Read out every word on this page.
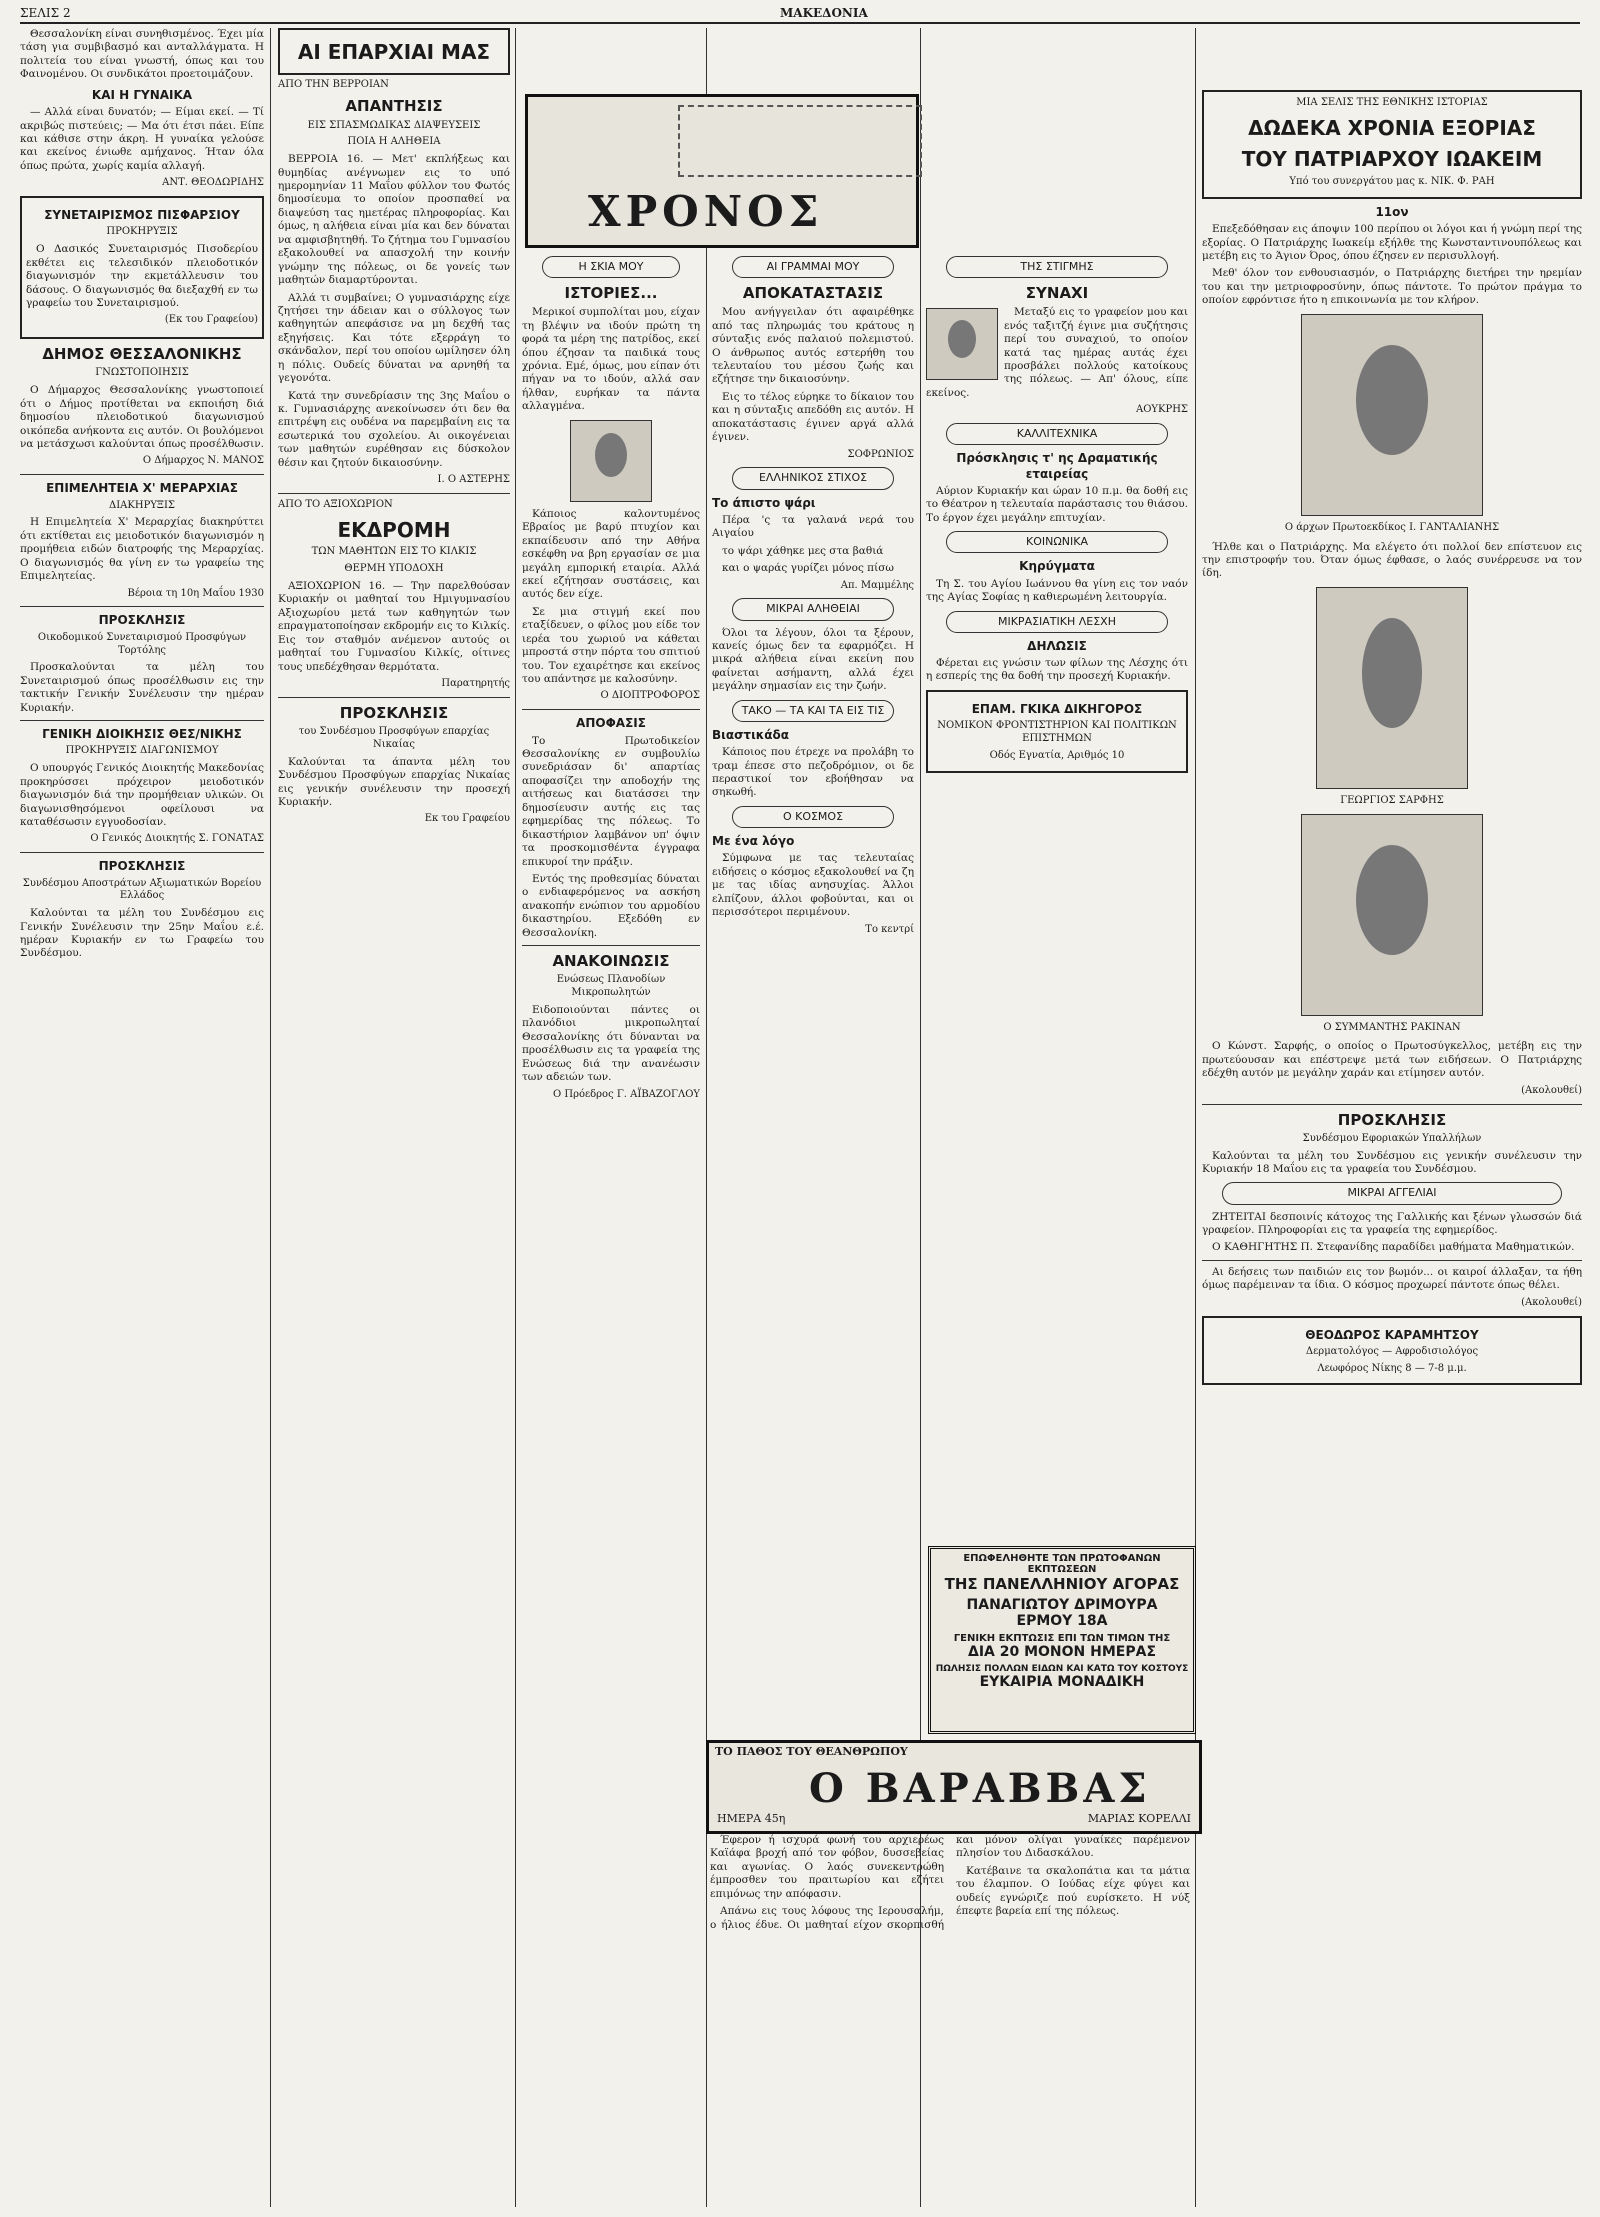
ΣΕΛΙΣ 2	ΜΑΚΕΔΟΝΙΑ

Θεσσαλονίκη είναι συνηθισμένος. Έχει μία τάση για συμβιβασμό και ανταλλάγματα. Η πολιτεία του είναι γνωστή, όπως και του Φαινομένου. Οι συνδικάτοι προετοιμάζουν.

ΚΑΙ Η ΓΥΝΑΙΚΑ

— Αλλά είναι δυνατόν; — Είμαι εκεί. — Τί ακριβώς πιστεύεις; — Μα ότι έτσι πάει. Είπε και κάθισε στην άκρη. Η γυναίκα γελούσε και εκείνος ένιωθε αμήχανος. Ήταν όλα όπως πρώτα, χωρίς καμία αλλαγή.

ΑΝΤ. ΘΕΟΔΩΡΙΔΗΣ
ΣΥΝΕΤΑΙΡΙΣΜΟΣ ΠΙΣΦΑΡΣΙΟΥ
ΠΡΟΚΗΡΥΞΙΣ

Ο Δασικός Συνεταιρισμός Πισοδερίου εκθέτει εις τελεσιδικόν πλειοδοτικόν διαγωνισμόν την εκμετάλλευσιν του δάσους. Ο διαγωνισμός θα διεξαχθή εν τω γραφείω του Συνεταιρισμού.

(Εκ του Γραφείου)
ΔΗΜΟΣ ΘΕΣΣΑΛΟΝΙΚΗΣ
ΓΝΩΣΤΟΠΟΙΗΣΙΣ

Ο Δήμαρχος Θεσσαλονίκης γνωστοποιεί ότι ο Δήμος προτίθεται να εκποιήση διά δημοσίου πλειοδοτικού διαγωνισμού οικόπεδα ανήκοντα εις αυτόν. Οι βουλόμενοι να μετάσχωσι καλούνται όπως προσέλθωσιν.

Ο Δήμαρχος Ν. ΜΑΝΟΣ
ΕΠΙΜΕΛΗΤΕΙΑ Χ' ΜΕΡΑΡΧΙΑΣ
ΔΙΑΚΗΡΥΞΙΣ

Η Επιμελητεία Χ' Μεραρχίας διακηρύττει ότι εκτίθεται εις μειοδοτικόν διαγωνισμόν η προμήθεια ειδών διατροφής της Μεραρχίας. Ο διαγωνισμός θα γίνη εν τω γραφείω της Επιμελητείας.

Βέροια τη 10η Μαΐου 1930
ΠΡΟΣΚΛΗΣΙΣ
Οικοδομικού Συνεταιρισμού Προσφύγων Τορτόλης

Προσκαλούνται τα μέλη του Συνεταιρισμού όπως προσέλθωσιν εις την τακτικήν Γενικήν Συνέλευσιν την ημέραν Κυριακήν.

ΓΕΝΙΚΗ ΔΙΟΙΚΗΣΙΣ ΘΕΣ/ΝΙΚΗΣ
ΠΡΟΚΗΡΥΞΙΣ ΔΙΑΓΩΝΙΣΜΟΥ

Ο υπουργός Γενικός Διοικητής Μακεδονίας προκηρύσσει πρόχειρον μειοδοτικόν διαγωνισμόν διά την προμήθειαν υλικών. Οι διαγωνισθησόμενοι οφείλουσι να καταθέσωσιν εγγυοδοσίαν.

Ο Γενικός Διοικητής Σ. ΓΟΝΑΤΑΣ
ΠΡΟΣΚΛΗΣΙΣ
Συνδέσμου Αποστράτων Αξιωματικών Βορείου Ελλάδος

Καλούνται τα μέλη του Συνδέσμου εις Γενικήν Συνέλευσιν την 25ην Μαΐου ε.έ. ημέραν Κυριακήν εν τω Γραφείω του Συνδέσμου.

ΑΙ ΕΠΑΡΧΙΑΙ ΜΑΣ
ΑΠΟ ΤΗΝ ΒΕΡΡΟΙΑΝ
ΑΠΑΝΤΗΣΙΣ
ΕΙΣ ΣΠΑΣΜΩΔΙΚΑΣ ΔΙΑΨΕΥΣΕΙΣ
ΠΟΙΑ Η ΑΛΗΘΕΙΑ

ΒΕΡΡΟΙΑ 16. — Μετ' εκπλήξεως και θυμηδίας ανέγνωμεν εις το υπό ημερομηνίαν 11 Μαΐου φύλλον του Φωτός δημοσίευμα το οποίον προσπαθεί να διαψεύση τας ημετέρας πληροφορίας. Και όμως, η αλήθεια είναι μία και δεν δύναται να αμφισβητηθή. Το ζήτημα του Γυμνασίου εξακολουθεί να απασχολή την κοινήν γνώμην της πόλεως, οι δε γονείς των μαθητών διαμαρτύρονται.

Αλλά τι συμβαίνει; Ο γυμνασιάρχης είχε ζητήσει την άδειαν και ο σύλλογος των καθηγητών απεφάσισε να μη δεχθή τας εξηγήσεις. Και τότε εξερράγη το σκάνδαλον, περί του οποίου ωμίλησεν όλη η πόλις. Ουδείς δύναται να αρνηθή τα γεγονότα.

Κατά την συνεδρίασιν της 3ης Μαΐου ο κ. Γυμνασιάρχης ανεκοίνωσεν ότι δεν θα επιτρέψη εις ουδένα να παρεμβαίνη εις τα εσωτερικά του σχολείου. Αι οικογένειαι των μαθητών ευρέθησαν εις δύσκολον θέσιν και ζητούν δικαιοσύνην.

Ι. Ο ΑΣΤΕΡΗΣ
ΑΠΟ ΤΟ ΑΞΙΟΧΩΡΙΟΝ
ΕΚΔΡΟΜΗ
ΤΩΝ ΜΑΘΗΤΩΝ ΕΙΣ ΤΟ ΚΙΛΚΙΣ
ΘΕΡΜΗ ΥΠΟΔΟΧΗ

ΑΞΙΟΧΩΡΙΟΝ 16. — Την παρελθούσαν Κυριακήν οι μαθηταί του Ημιγυμνασίου Αξιοχωρίου μετά των καθηγητών των επραγματοποίησαν εκδρομήν εις το Κιλκίς. Εις τον σταθμόν ανέμενον αυτούς οι μαθηταί του Γυμνασίου Κιλκίς, οίτινες τους υπεδέχθησαν θερμότατα.

Παρατηρητής
ΠΡΟΣΚΛΗΣΙΣ
του Συνδέσμου Προσφύγων επαρχίας Νικαίας

Καλούνται τα άπαντα μέλη του Συνδέσμου Προσφύγων επαρχίας Νικαίας εις γενικήν συνέλευσιν την προσεχή Κυριακήν.

Εκ του Γραφείου
ΧΡΟΝΟΣ
Η ΣΚΙΑ ΜΟΥ
ΙΣΤΟΡΙΕΣ...

Μερικοί συμπολίται μου, είχαν τη βλέψιν να ιδούν πρώτη τη φορά τα μέρη της πατρίδος, εκεί όπου έζησαν τα παιδικά τους χρόνια. Εμέ, όμως, μου είπαν ότι πήγαν να το ιδούν, αλλά σαν ήλθαν, ευρήκαν τα πάντα αλλαγμένα.

Κάποιος καλοντυμένος Εβραίος με βαρύ πτυχίον και εκπαίδευσιν από την Αθήνα εσκέφθη να βρη εργασίαν σε μια μεγάλη εμπορική εταιρία. Αλλά εκεί εζήτησαν συστάσεις, και αυτός δεν είχε.

Σε μια στιγμή εκεί που εταξίδευεν, ο φίλος μου είδε τον ιερέα του χωριού να κάθεται μπροστά στην πόρτα του σπιτιού του. Τον εχαιρέτησε και εκείνος του απάντησε με καλοσύνην.

Ο ΔΙΟΠΤΡΟΦΟΡΟΣ
ΑΠΟΦΑΣΙΣ

Το Πρωτοδικείον Θεσσαλονίκης εν συμβουλίω συνεδριάσαν δι' απαρτίας αποφασίζει την αποδοχήν της αιτήσεως και διατάσσει την δημοσίευσιν αυτής εις τας εφημερίδας της πόλεως. Το δικαστήριον λαμβάνον υπ' όψιν τα προσκομισθέντα έγγραφα επικυροί την πράξιν.

Εντός της προθεσμίας δύναται ο ενδιαφερόμενος να ασκήση ανακοπήν ενώπιον του αρμοδίου δικαστηρίου. Εξεδόθη εν Θεσσαλονίκη.

ΑΝΑΚΟΙΝΩΣΙΣ
Ενώσεως Πλανοδίων Μικροπωλητών

Ειδοποιούνται πάντες οι πλανόδιοι μικροπωληταί Θεσσαλονίκης ότι δύνανται να προσέλθωσιν εις τα γραφεία της Ενώσεως διά την ανανέωσιν των αδειών των.

Ο Πρόεδρος Γ. ΑΪΒΑΖΟΓΛΟΥ
ΑΙ ΓΡΑΜΜΑΙ ΜΟΥ
ΑΠΟΚΑΤΑΣΤΑΣΙΣ

Μου ανήγγειλαν ότι αφαιρέθηκε από τας πληρωμάς του κράτους η σύνταξις ενός παλαιού πολεμιστού. Ο άνθρωπος αυτός εστερήθη του τελευταίου του μέσου ζωής και εζήτησε την δικαιοσύνην.

Εις το τέλος εύρηκε το δίκαιον του και η σύνταξις απεδόθη εις αυτόν. Η αποκατάστασις έγινεν αργά αλλά έγινεν.

ΣΟΦΡΩΝΙΟΣ
ΕΛΛΗΝΙΚΟΣ ΣΤΙΧΟΣ
Το άπιστο ψάρι

Πέρα 'ς τα γαλανά νερά του Αιγαίου

το ψάρι χάθηκε μες στα βαθιά

και ο ψαράς γυρίζει μόνος πίσω

Απ. Μαμμέλης
ΜΙΚΡΑΙ ΑΛΗΘΕΙΑΙ

Όλοι τα λέγουν, όλοι τα ξέρουν, κανείς όμως δεν τα εφαρμόζει. Η μικρά αλήθεια είναι εκείνη που φαίνεται ασήμαντη, αλλά έχει μεγάλην σημασίαν εις την ζωήν.

ΤΑΚΟ — ΤΑ ΚΑΙ ΤΑ ΕΙΣ ΤΙΣ
Βιαστικάδα

Κάποιος που έτρεχε να προλάβη το τραμ έπεσε στο πεζοδρόμιον, οι δε περαστικοί τον εβοήθησαν να σηκωθή.

Ο ΚΟΣΜΟΣ
Με ένα λόγο

Σύμφωνα με τας τελευταίας ειδήσεις ο κόσμος εξακολουθεί να ζη με τας ιδίας ανησυχίας. Άλλοι ελπίζουν, άλλοι φοβούνται, και οι περισσότεροι περιμένουν.

Το κεντρί
ΤΗΣ ΣΤΙΓΜΗΣ
ΣΥΝΑΧΙ

Μεταξύ εις το γραφείον μου και ενός ταξιτζή έγινε μια συζήτησις περί του συναχιού, το οποίον κατά τας ημέρας αυτάς έχει προσβάλει πολλούς κατοίκους της πόλεως. — Απ' όλους, είπε εκείνος.

ΑΟΥΚΡΗΣ
ΚΑΛΛΙΤΕΧΝΙΚΑ
Πρόσκλησις τ' ης Δραματικής εταιρείας

Αύριον Κυριακήν και ώραν 10 π.μ. θα δοθή εις το Θέατρον η τελευταία παράστασις του θιάσου. Το έργον έχει μεγάλην επιτυχίαν.

ΚΟΙΝΩΝΙΚΑ
Κηρύγματα

Τη Σ. του Αγίου Ιωάννου θα γίνη εις τον ναόν της Αγίας Σοφίας η καθιερωμένη λειτουργία.

ΜΙΚΡΑΣΙΑΤΙΚΗ ΛΕΣΧΗ
ΔΗΛΩΣΙΣ

Φέρεται εις γνώσιν των φίλων της Λέσχης ότι η εσπερίς της θα δοθή την προσεχή Κυριακήν.

ΕΠΑΜ. ΓΚΙΚΑ ΔΙΚΗΓΟΡΟΣ
ΝΟΜΙΚΟΝ ΦΡΟΝΤΙΣΤΗΡΙΟΝ ΚΑΙ ΠΟΛΙΤΙΚΩΝ ΕΠΙΣΤΗΜΩΝ
Οδός Εγνατία, Αριθμός 10
ΜΙΑ ΣΕΛΙΣ ΤΗΣ ΕΘΝΙΚΗΣ ΙΣΤΟΡΙΑΣ
ΔΩΔΕΚΑ ΧΡΟΝΙΑ ΕΞΟΡΙΑΣ
ΤΟΥ ΠΑΤΡΙΑΡΧΟΥ ΙΩΑΚΕΙΜ
Υπό του συνεργάτου μας κ. ΝΙΚ. Φ. ΡΑΗ
11ον

Επεξεδόθησαν εις άποψιν 100 περίπου οι λόγοι και ή γνώμη περί της εξορίας. Ο Πατριάρχης Ιωακείμ εξήλθε της Κωνσταντινουπόλεως και μετέβη εις το Άγιον Όρος, όπου έζησεν εν περισυλλογή.

Μεθ' όλον τον ενθουσιασμόν, ο Πατριάρχης διετήρει την ηρεμίαν του και την μετριοφροσύνην, όπως πάντοτε. Το πρώτον πράγμα το οποίον εφρόντισε ήτο η επικοινωνία με τον κλήρον.

Ο άρχων Πρωτοεκδίκος Ι. ΓΑΝΤΑΛΙΑΝΗΣ

Ήλθε και ο Πατριάρχης. Μα ελέγετο ότι πολλοί δεν επίστευον εις την επιστροφήν του. Όταν όμως έφθασε, ο λαός συνέρρευσε να τον ίδη.

ΓΕΩΡΓΙΟΣ ΣΑΡΦΗΣ
Ο ΣΥΜΜΑΝΤΗΣ ΡΑΚΙΝΑΝ

Ο Κώνστ. Σαρφής, ο οποίος ο Πρωτοσύγκελλος, μετέβη εις την πρωτεύουσαν και επέστρεψε μετά των ειδήσεων. Ο Πατριάρχης εδέχθη αυτόν με μεγάλην χαράν και ετίμησεν αυτόν.

(Ακολουθεί)
ΠΡΟΣΚΛΗΣΙΣ
Συνδέσμου Εφοριακών Υπαλλήλων

Καλούνται τα μέλη του Συνδέσμου εις γενικήν συνέλευσιν την Κυριακήν 18 Μαΐου εις τα γραφεία του Συνδέσμου.

ΜΙΚΡΑΙ ΑΓΓΕΛΙΑΙ

ΖΗΤΕΙΤΑΙ δεσποινίς κάτοχος της Γαλλικής και ξένων γλωσσών διά γραφείον. Πληροφορίαι εις τα γραφεία της εφημερίδος.

Ο ΚΑΘΗΓΗΤΗΣ Π. Στεφανίδης παραδίδει μαθήματα Μαθηματικών.

Αι δεήσεις των παιδιών εις τον βωμόν... οι καιροί άλλαξαν, τα ήθη όμως παρέμειναν τα ίδια. Ο κόσμος προχωρεί πάντοτε όπως θέλει.

(Ακολουθεί)
ΘΕΟΔΩΡΟΣ ΚΑΡΑΜΗΤΣΟΥ
Δερματολόγος — Αφροδισιολόγος
Λεωφόρος Νίκης 8 — 7-8 μ.μ.
ΕΠΩΦΕΛΗΘΗΤΕ ΤΩΝ ΠΡΩΤΟΦΑΝΩΝ ΕΚΠΤΩΣΕΩΝ
ΤΗΣ ΠΑΝΕΛΛΗΝΙΟΥ ΑΓΟΡΑΣ
ΠΑΝΑΓΙΩΤΟΥ ΔΡΙΜΟΥΡΑ
ΕΡΜΟΥ 18Α
ΓΕΝΙΚΗ ΕΚΠΤΩΣΙΣ ΕΠΙ ΤΩΝ ΤΙΜΩΝ ΤΗΣ
ΔΙΑ 20 ΜΟΝΟΝ ΗΜΕΡΑΣ
ΠΩΛΗΣΙΣ ΠΟΛΛΩΝ ΕΙΔΩΝ ΚΑΙ ΚΑΤΩ ΤΟΥ ΚΟΣΤΟΥΣ
ΕΥΚΑΙΡΙΑ ΜΟΝΑΔΙΚΗ
ΤΟ ΠΑΘΟΣ ΤΟΥ ΘΕΑΝΘΡΩΠΟΥ
Ο ΒΑΡΑΒΒΑΣ
ΗΜΕΡΑ 45η	ΜΑΡΙΑΣ ΚΟΡΕΛΛΙ

Έφερον ή ισχυρά φωνή του αρχιερέως Καϊάφα βροχή από τον φόβον, δυσσεβείας και αγωνίας. Ο λαός συνεκεντρώθη έμπροσθεν του πραιτωρίου και εζήτει επιμόνως την απόφασιν.

Απάνω εις τους λόφους της Ιερουσαλήμ, ο ήλιος έδυε. Οι μαθηταί είχον σκορπισθή και μόνον ολίγαι γυναίκες παρέμενον πλησίον του Διδασκάλου.

Κατέβαινε τα σκαλοπάτια και τα μάτια του έλαμπον. Ο Ιούδας είχε φύγει και ουδείς εγνώριζε πού ευρίσκετο. Η νύξ έπεφτε βαρεία επί της πόλεως.
